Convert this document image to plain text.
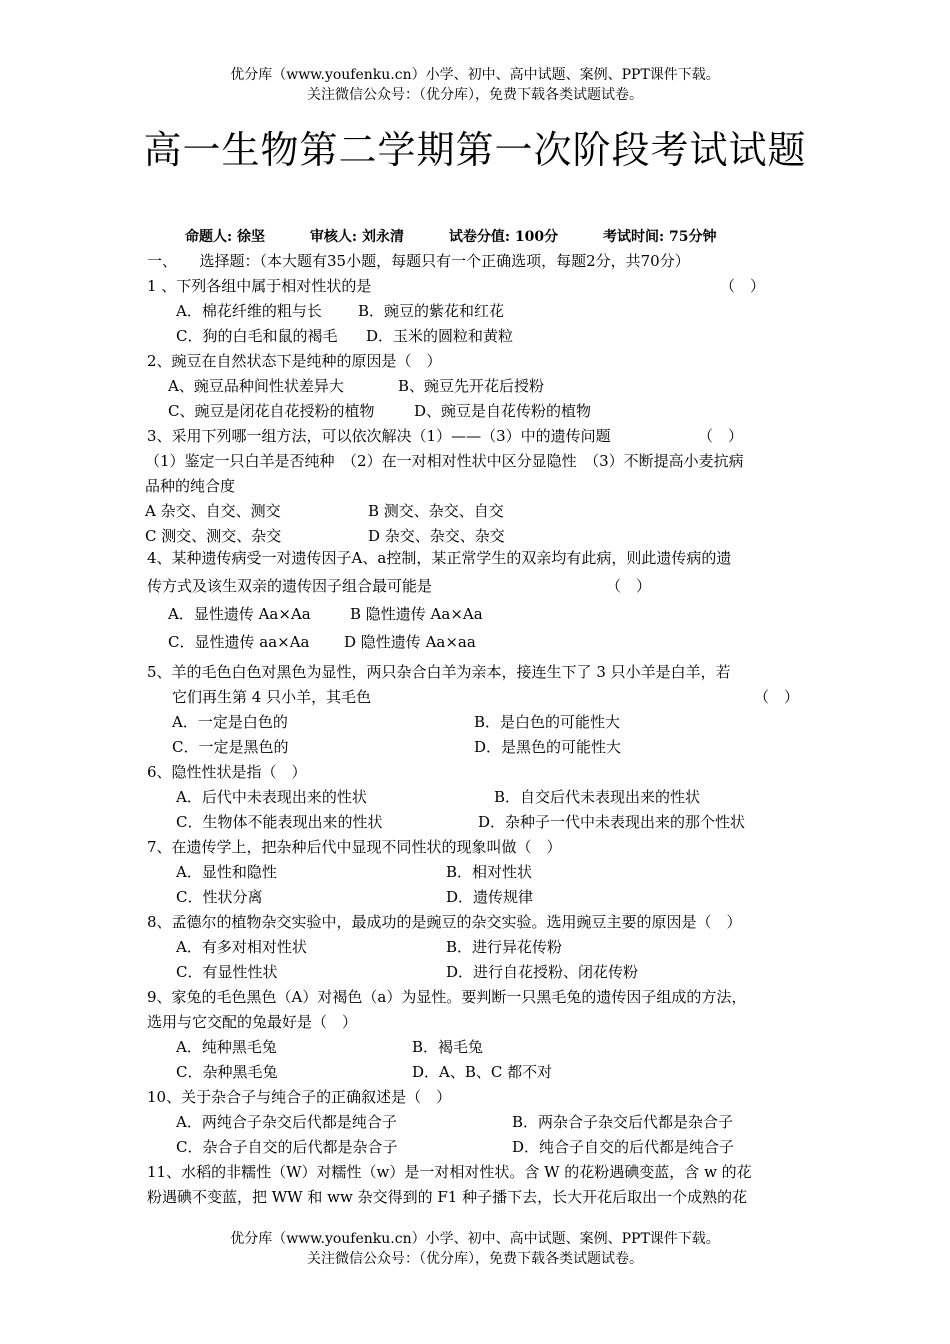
优分库（www.youfenku.cn）小学、初中、高中试题、案例、PPT课件下载。
关注微信公众号：（优分库），免费下载各类试题试卷。
高一生物第二学期第一次阶段考试试题
命题人: 徐坚	审核人: 刘永清	试卷分值: 100分	考试时间: 75分钟
一、　　选择题：（本大题有35小题，每题只有一个正确选项，每题2分，共70分）
1 、下列各组中属于相对性状的是	（　）
A．棉花纤维的粗与长 B．豌豆的紫花和红花
C．狗的白毛和鼠的褐毛 D．玉米的圆粒和黄粒
2、豌豆在自然状态下是纯种的原因是（　）
A、豌豆品种间性状差异大	B、豌豆先开花后授粉
C、豌豆是闭花自花授粉的植物	D、豌豆是自花传粉的植物
3、采用下列哪一组方法，可以依次解决（1）——（3）中的遗传问题	（　）
（1）鉴定一只白羊是否纯种　（2）在一对相对性状中区分显隐性　（3）不断提高小麦抗病
品种的纯合度
A 杂交、自交、测交	B 测交、杂交、自交
C 测交、测交、杂交	D 杂交、杂交、杂交
4、某种遗传病受一对遗传因子A、a控制，某正常学生的双亲均有此病，则此遗传病的遗
传方式及该生双亲的遗传因子组合最可能是	（　）
A．显性遗传 Aa×Aa	B 隐性遗传 Aa×Aa
C．显性遗传 aa×Aa D 隐性遗传 Aa×aa
5、羊的毛色白色对黑色为显性，两只杂合白羊为亲本，接连生下了 3 只小羊是白羊，若
它们再生第 4 只小羊，其毛色	（　）
A．一定是白色的	B．是白色的可能性大
C．一定是黑色的	D．是黑色的可能性大
6、隐性性状是指（　）
A．后代中未表现出来的性状	B．自交后代未表现出来的性状
C．生物体不能表现出来的性状	D．杂种子一代中未表现出来的那个性状
7、在遗传学上，把杂种后代中显现不同性状的现象叫做（　）
A．显性和隐性	B．相对性状
C．性状分离	D．遗传规律
8、孟德尔的植物杂交实验中，最成功的是豌豆的杂交实验。选用豌豆主要的原因是（　）
A．有多对相对性状	B．进行异花传粉
C．有显性性状	D．进行自花授粉、闭花传粉
9、家兔的毛色黑色（A）对褐色（a）为显性。要判断一只黑毛兔的遗传因子组成的方法，
选用与它交配的兔最好是（　）
A．纯种黑毛兔	B．褐毛兔
C．杂种黑毛兔	D．A、B、C 都不对
10、关于杂合子与纯合子的正确叙述是（　）
A．两纯合子杂交后代都是纯合子	B．两杂合子杂交后代都是杂合子
C．杂合子自交的后代都是杂合子	D．纯合子自交的后代都是纯合子
11、水稻的非糯性（W）对糯性（w）是一对相对性状。含 W 的花粉遇碘变蓝，含 w 的花
粉遇碘不变蓝，把 WW 和 ww 杂交得到的 F1 种子播下去，长大开花后取出一个成熟的花
优分库（www.youfenku.cn）小学、初中、高中试题、案例、PPT课件下载。
关注微信公众号：（优分库），免费下载各类试题试卷。
